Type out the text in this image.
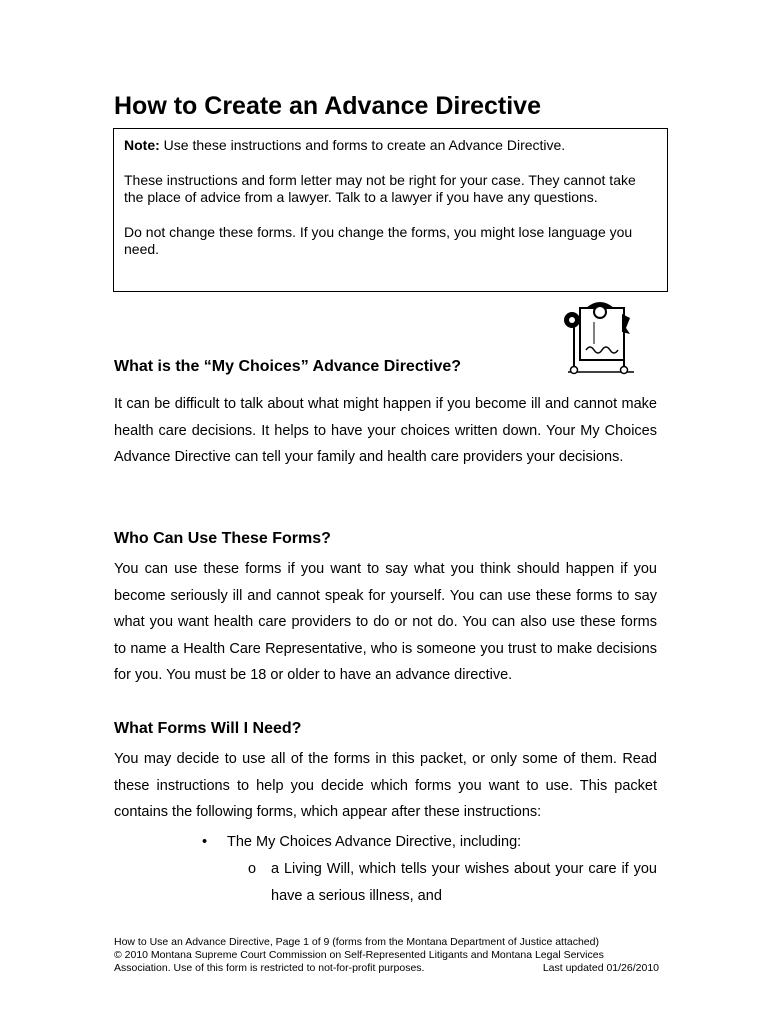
How to Create an Advance Directive

Note: Use these instructions and forms to create an Advance Directive.

These instructions and form letter may not be right for your case. They cannot take the place of advice from a lawyer. Talk to a lawyer if you have any questions.

Do not change these forms. If you change the forms, you might lose language you need.

What is the “My Choices” Advance Directive?

It can be difficult to talk about what might happen if you become ill and cannot make health care decisions. It helps to have your choices written down. Your My Choices Advance Directive can tell your family and health care providers your decisions.

Who Can Use These Forms?

You can use these forms if you want to say what you think should happen if you become seriously ill and cannot speak for yourself. You can use these forms to say what you want health care providers to do or not do. You can also use these forms to name a Health Care Representative, who is someone you trust to make decisions for you. You must be 18 or older to have an advance directive.

What Forms Will I Need?

You may decide to use all of the forms in this packet, or only some of them. Read these instructions to help you decide which forms you want to use. This packet contains the following forms, which appear after these instructions:

• The My Choices Advance Directive, including:
o	a Living Will, which tells your wishes about your care if you have a serious illness, and
How to Use an Advance Directive, Page 1 of 9 (forms from the Montana Department of Justice attached)
© 2010 Montana Supreme Court Commission on Self-Represented Litigants and Montana Legal Services
Association. Use of this form is restricted to not-for-profit purposes.	Last updated 01/26/2010
